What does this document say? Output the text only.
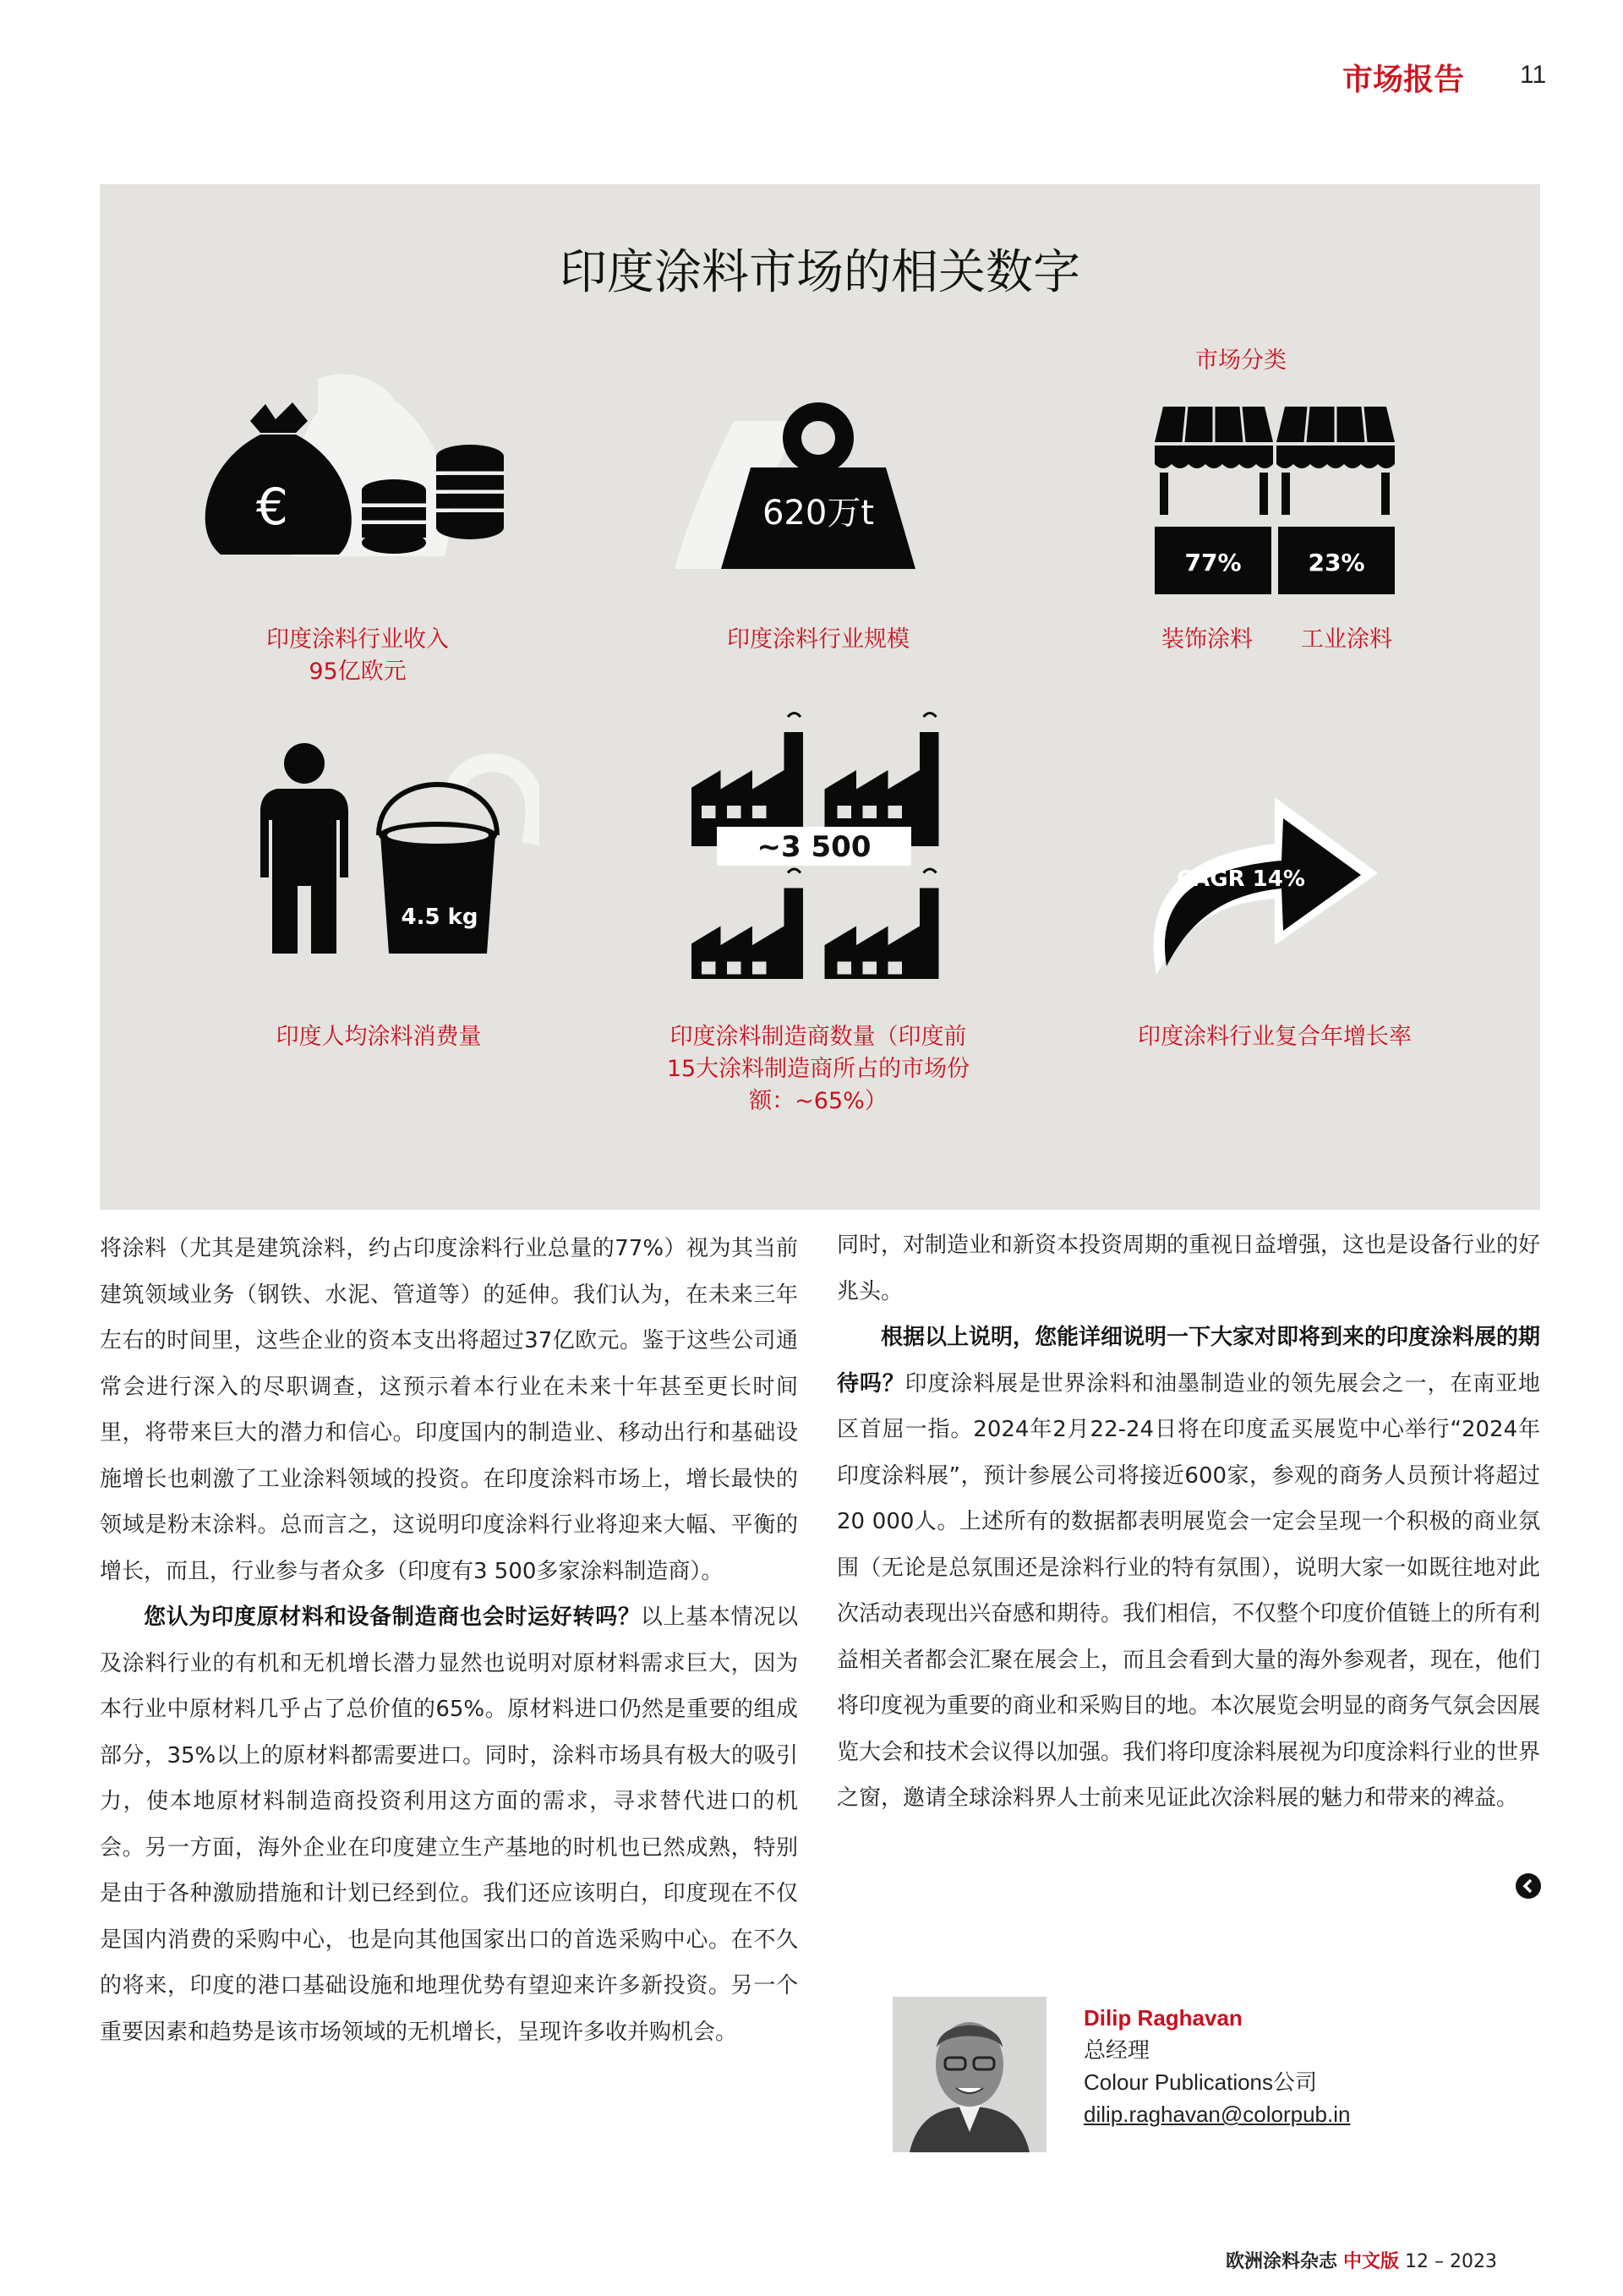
市场报告 11
印度涂料市场的相关数字
€
印度涂料行业收入
95亿欧元
620万t
印度涂料行业规模
市场分类
77%	23%
装饰涂料	工业涂料
4.5 kg
印度人均涂料消费量
~3 500
印度涂料制造商数量（印度前
15大涂料制造商所占的市场份
额：~65%）
CAGR 14%
印度涂料行业复合年增长率

将涂料（尤其是建筑涂料，约占印度涂料行业总量的77%）视为其当前建筑领域业务（钢铁、水泥、管道等）的延伸。我们认为，在未来三年左右的时间里，这些企业的资本支出将超过37亿欧元。鉴于这些公司通常会进行深入的尽职调查，这预示着本行业在未来十年甚至更长时间里，将带来巨大的潜力和信心。印度国内的制造业、移动出行和基础设施增长也刺激了工业涂料领域的投资。在印度涂料市场上，增长最快的领域是粉末涂料。总而言之，这说明印度涂料行业将迎来大幅、平衡的增长，而且，行业参与者众多（印度有3 500多家涂料制造商）。

您认为印度原材料和设备制造商也会时运好转吗？以上基本情况以及涂料行业的有机和无机增长潜力显然也说明对原材料需求巨大，因为本行业中原材料几乎占了总价值的65%。原材料进口仍然是重要的组成部分，35%以上的原材料都需要进口。同时，涂料市场具有极大的吸引力，使本地原材料制造商投资利用这方面的需求，寻求替代进口的机会。另一方面，海外企业在印度建立生产基地的时机也已然成熟，特别是由于各种激励措施和计划已经到位。我们还应该明白，印度现在不仅是国内消费的采购中心，也是向其他国家出口的首选采购中心。在不久的将来，印度的港口基础设施和地理优势有望迎来许多新投资。另一个重要因素和趋势是该市场领域的无机增长，呈现许多收并购机会。

同时，对制造业和新资本投资周期的重视日益增强，这也是设备行业的好兆头。

根据以上说明，您能详细说明一下大家对即将到来的印度涂料展的期待吗？印度涂料展是世界涂料和油墨制造业的领先展会之一，在南亚地区首屈一指。2024年2月22-24日将在印度孟买展览中心举行“2024年印度涂料展”，预计参展公司将接近600家，参观的商务人员预计将超过20 000人。上述所有的数据都表明展览会一定会呈现一个积极的商业氛围（无论是总氛围还是涂料行业的特有氛围），说明大家一如既往地对此次活动表现出兴奋感和期待。我们相信，不仅整个印度价值链上的所有利益相关者都会汇聚在展会上，而且会看到大量的海外参观者，现在，他们将印度视为重要的商业和采购目的地。本次展览会明显的商务气氛会因展览大会和技术会议得以加强。我们将印度涂料展视为印度涂料行业的世界之窗，邀请全球涂料界人士前来见证此次涂料展的魅力和带来的裨益。

Dilip Raghavan
总经理
Colour Publications公司
dilip.raghavan@colorpub.in
欧洲涂料杂志 中文版 12 – 2023
